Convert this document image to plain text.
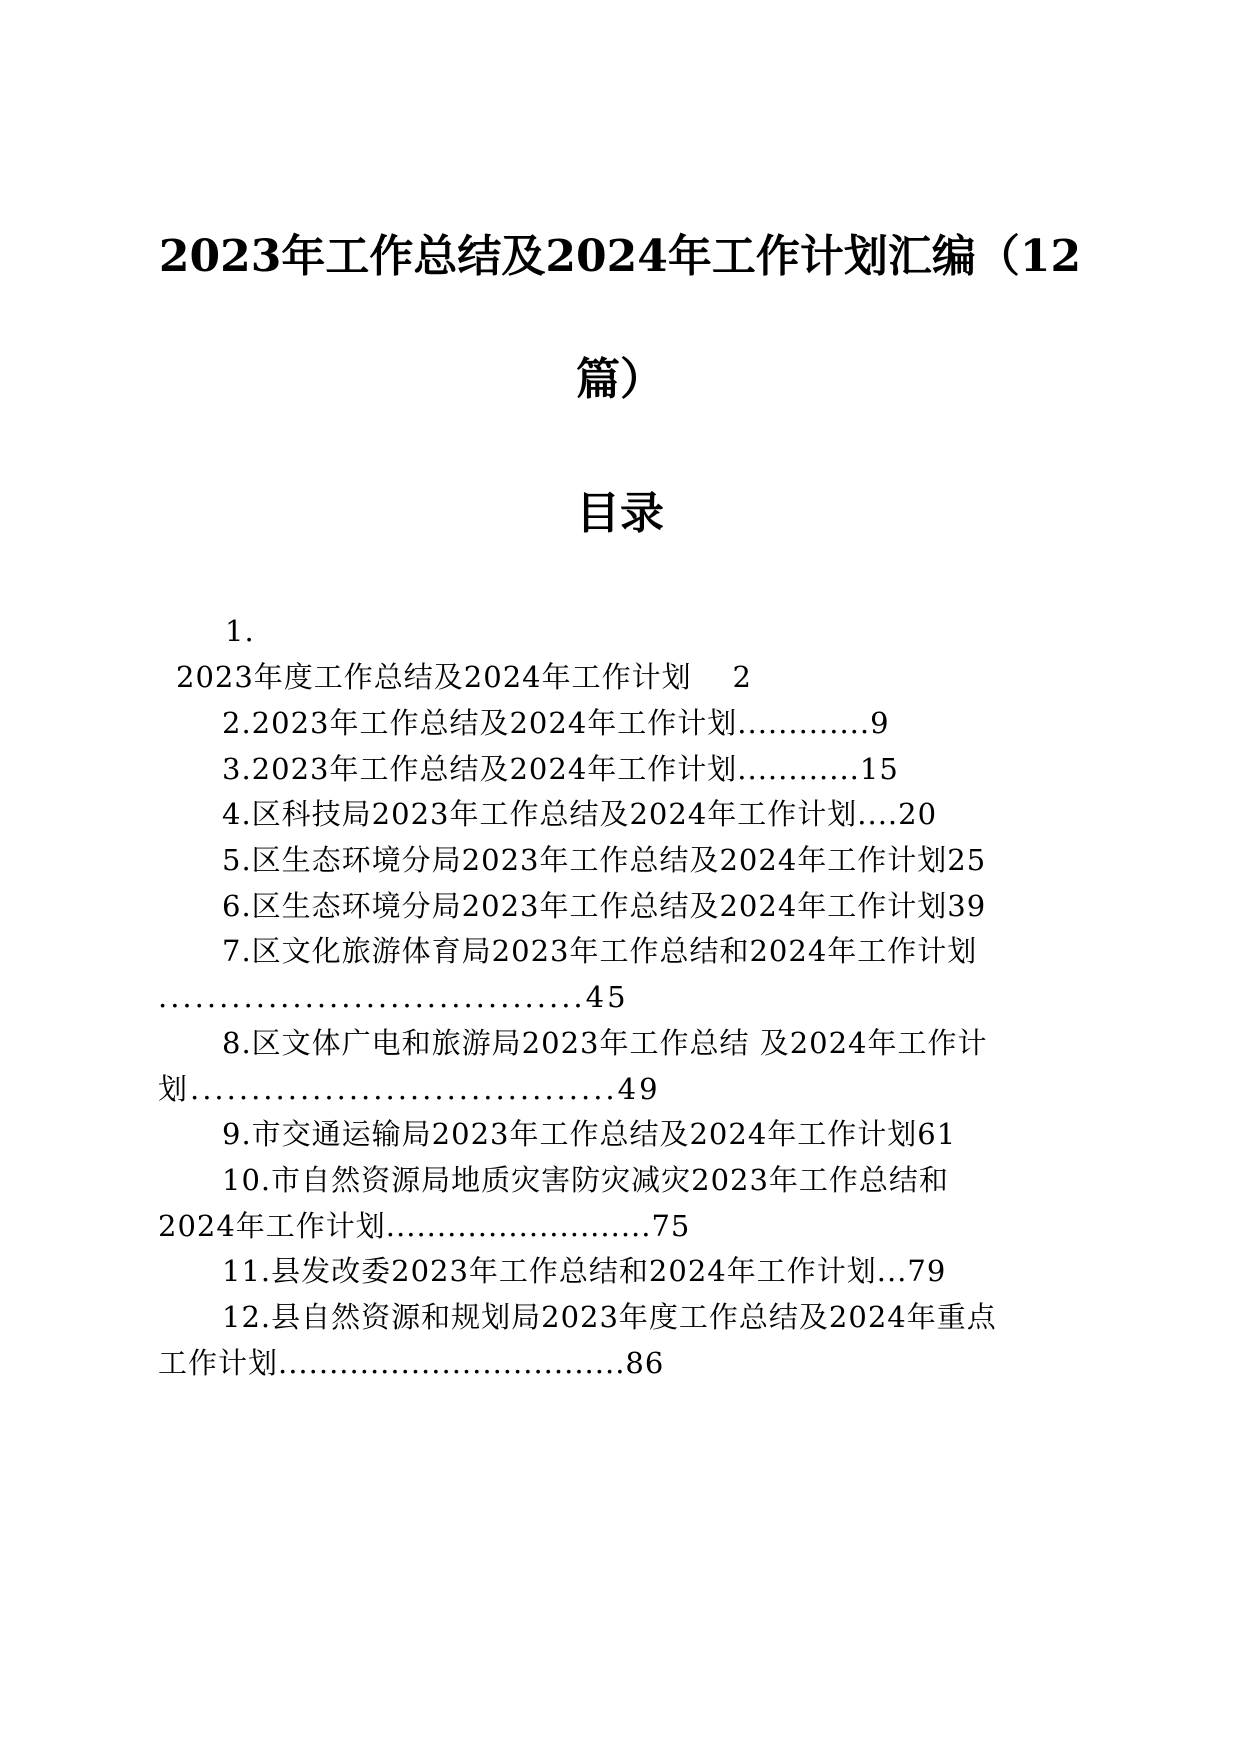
2023年工作总结及2024年工作计划汇编（12
篇）
目录
1.
2023年度工作总结及2024年工作计划    2
2.2023年工作总结及2024年工作计划.............9
3.2023年工作总结及2024年工作计划............15
4.区科技局2023年工作总结及2024年工作计划....20
5.区生态环境分局2023年工作总结及2024年工作计划25
6.区生态环境分局2023年工作总结及2024年工作计划39
7.区文化旅游体育局2023年工作总结和2024年工作计划
...................................45
8.区文体广电和旅游局2023年工作总结 及2024年工作计
划...................................49
9.市交通运输局2023年工作总结及2024年工作计划61
10.市自然资源局地质灾害防灾减灾2023年工作总结和
2024年工作计划..........................75
11.县发改委2023年工作总结和2024年工作计划...79
12.县自然资源和规划局2023年度工作总结及2024年重点
工作计划..................................86
